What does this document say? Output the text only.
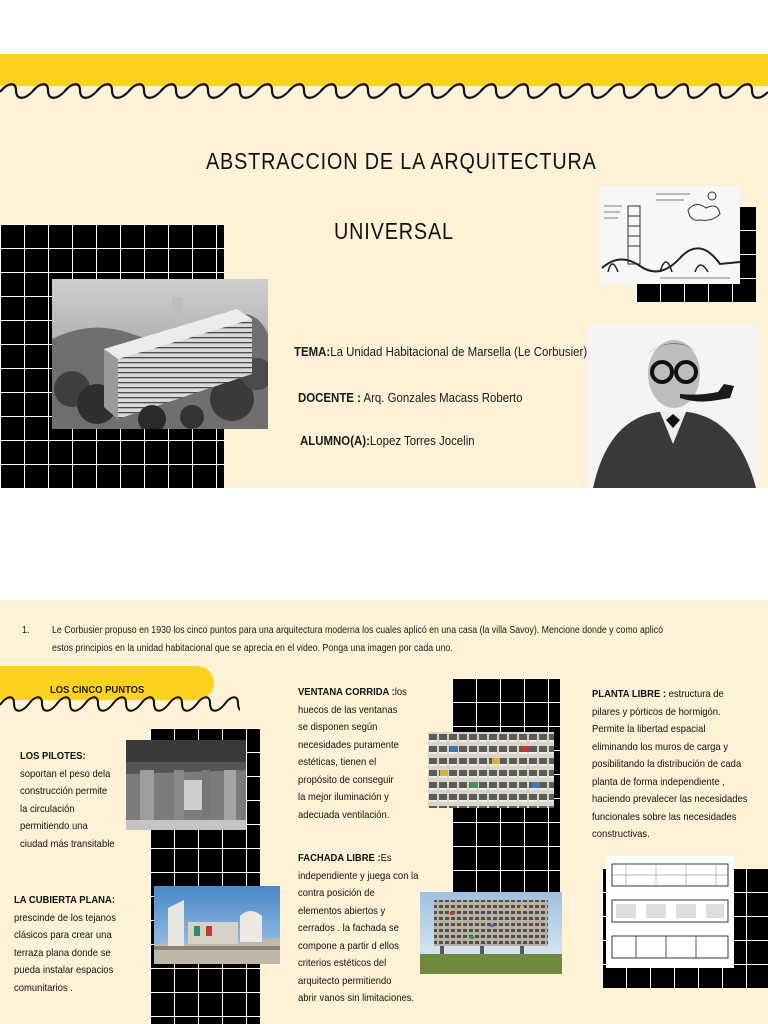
ABSTRACCION DE LA ARQUITECTURA
UNIVERSAL
TEMA:La Unidad Habitacional de Marsella (Le Corbusier)
DOCENTE : Arq. Gonzales Macass Roberto
ALUMNO(A):Lopez Torres Jocelin
1. Le Corbusier propuso en 1930 los cinco puntos para una arquitectura moderna los cuales aplicó en una casa (la villa Savoy). Mencione donde y como aplicó
estos principios en la unidad habitacional que se aprecia en el video. Ponga una imagen por cada uno.
LOS CINCO PUNTOS
LOS PILOTES:
soportan el peso dela
construcción permite
la circulación
permitiendo una
ciudad más transitable
LA CUBIERTA PLANA:
prescinde de los tejanos
clásicos para crear una
terraza plana donde se
pueda instalar espacios
comunitarios .
VENTANA CORRIDA :los
huecos de las ventanas
se disponen según
necesidades puramente
estéticas, tienen el
propósito de conseguir
la mejor iluminación y
adecuada ventilación.
FACHADA LIBRE :Es
independiente y juega con la
contra posición de
elementos abiertos y
cerrados . la fachada se
compone a partir d ellos
criterios estéticos del
arquitecto permitiendo
abrir vanos sin limitaciones.
PLANTA LIBRE : estructura de
pilares y pórticos de hormigón.
Permite la libertad espacial
eliminando los muros de carga y
posibilitando la distribución de cada
planta de forma independiente ,
haciendo prevalecer las necesidades
funcionales sobre las necesidades
constructivas.
